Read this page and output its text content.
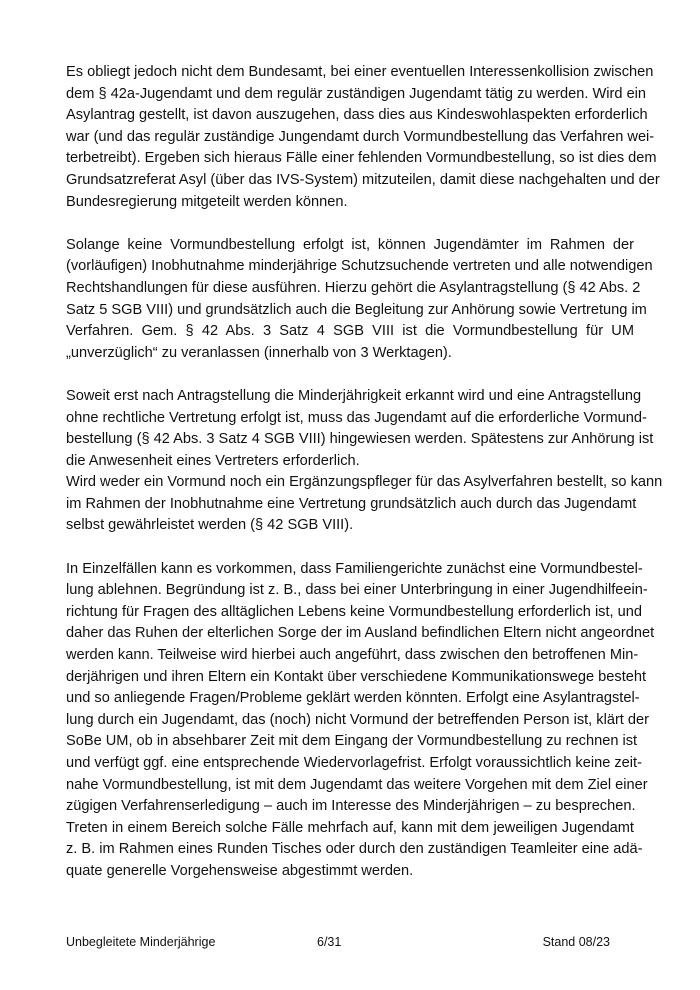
Es obliegt jedoch nicht dem Bundesamt, bei einer eventuellen Interessenkollision zwischen
dem § 42a-Jugendamt und dem regulär zuständigen Jugendamt tätig zu werden. Wird ein
Asylantrag gestellt, ist davon auszugehen, dass dies aus Kindeswohlaspekten erforderlich
war (und das regulär zuständige Jungendamt durch Vormundbestellung das Verfahren wei-
terbetreibt). Ergeben sich hieraus Fälle einer fehlenden Vormundbestellung, so ist dies dem
Grundsatzreferat Asyl (über das IVS-System) mitzuteilen, damit diese nachgehalten und der
Bundesregierung mitgeteilt werden können.

Solange keine Vormundbestellung erfolgt ist, können Jugendämter im Rahmen der
(vorläufigen) Inobhutnahme minderjährige Schutzsuchende vertreten und alle notwendigen
Rechtshandlungen für diese ausführen. Hierzu gehört die Asylantragstellung (§ 42 Abs. 2
Satz 5 SGB VIII) und grundsätzlich auch die Begleitung zur Anhörung sowie Vertretung im
Verfahren. Gem. § 42 Abs. 3 Satz 4 SGB VIII ist die Vormundbestellung für UM
„unverzüglich“ zu veranlassen (innerhalb von 3 Werktagen).

Soweit erst nach Antragstellung die Minderjährigkeit erkannt wird und eine Antragstellung
ohne rechtliche Vertretung erfolgt ist, muss das Jugendamt auf die erforderliche Vormund-
bestellung (§ 42 Abs. 3 Satz 4 SGB VIII) hingewiesen werden. Spätestens zur Anhörung ist
die Anwesenheit eines Vertreters erforderlich.

Wird weder ein Vormund noch ein Ergänzungspfleger für das Asylverfahren bestellt, so kann
im Rahmen der Inobhutnahme eine Vertretung grundsätzlich auch durch das Jugendamt
selbst gewährleistet werden (§ 42 SGB VIII).

In Einzelfällen kann es vorkommen, dass Familiengerichte zunächst eine Vormundbestel-
lung ablehnen. Begründung ist z. B., dass bei einer Unterbringung in einer Jugendhilfeein-
richtung für Fragen des alltäglichen Lebens keine Vormundbestellung erforderlich ist, und
daher das Ruhen der elterlichen Sorge der im Ausland befindlichen Eltern nicht angeordnet
werden kann. Teilweise wird hierbei auch angeführt, dass zwischen den betroffenen Min-
derjährigen und ihren Eltern ein Kontakt über verschiedene Kommunikationswege besteht
und so anliegende Fragen/Probleme geklärt werden könnten. Erfolgt eine Asylantragstel-
lung durch ein Jugendamt, das (noch) nicht Vormund der betreffenden Person ist, klärt der
SoBe UM, ob in absehbarer Zeit mit dem Eingang der Vormundbestellung zu rechnen ist
und verfügt ggf. eine entsprechende Wiedervorlagefrist. Erfolgt voraussichtlich keine zeit-
nahe Vormundbestellung, ist mit dem Jugendamt das weitere Vorgehen mit dem Ziel einer
zügigen Verfahrenserledigung – auch im Interesse des Minderjährigen – zu besprechen.
Treten in einem Bereich solche Fälle mehrfach auf, kann mit dem jeweiligen Jugendamt
z. B. im Rahmen eines Runden Tisches oder durch den zuständigen Teamleiter eine adä-
quate generelle Vorgehensweise abgestimmt werden.

Unbegleitete Minderjährige	6/31	Stand 08/23
